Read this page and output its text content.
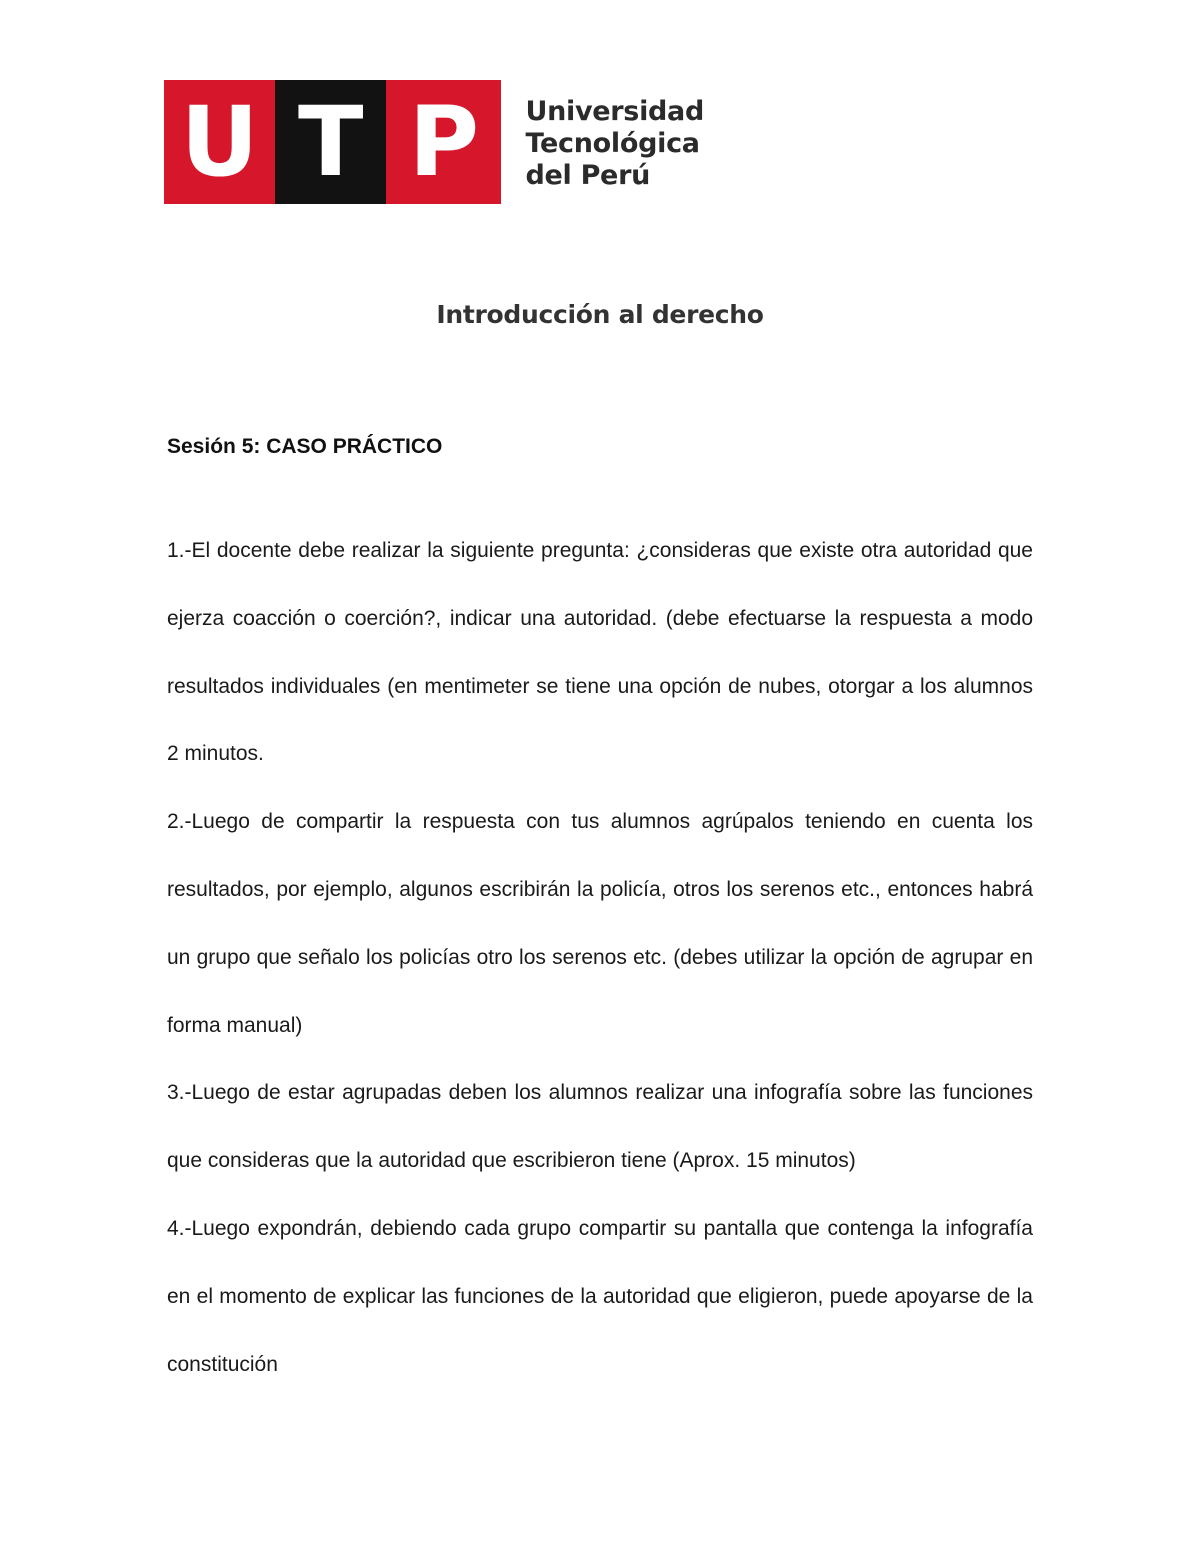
U T P	Universidad
Tecnológica
del Perú
Introducción al derecho
Sesión 5: CASO PRÁCTICO

1.-El docente debe realizar la siguiente pregunta: ¿consideras que existe otra autoridad que ejerza coacción o coerción?, indicar una autoridad. (debe efectuarse la respuesta a modo resultados individuales (en mentimeter se tiene una opción de nubes, otorgar a los alumnos 2 minutos.

2.-Luego de compartir la respuesta con tus alumnos agrúpalos teniendo en cuenta los resultados, por ejemplo, algunos escribirán la policía, otros los serenos etc., entonces habrá un grupo que señalo los policías otro los serenos etc. (debes utilizar la opción de agrupar en forma manual)

3.-Luego de estar agrupadas deben los alumnos realizar una infografía sobre las funciones que consideras que la autoridad que escribieron tiene (Aprox. 15 minutos)

4.-Luego expondrán, debiendo cada grupo compartir su pantalla que contenga la infografía en el momento de explicar las funciones de la autoridad que eligieron, puede apoyarse de la constitución
